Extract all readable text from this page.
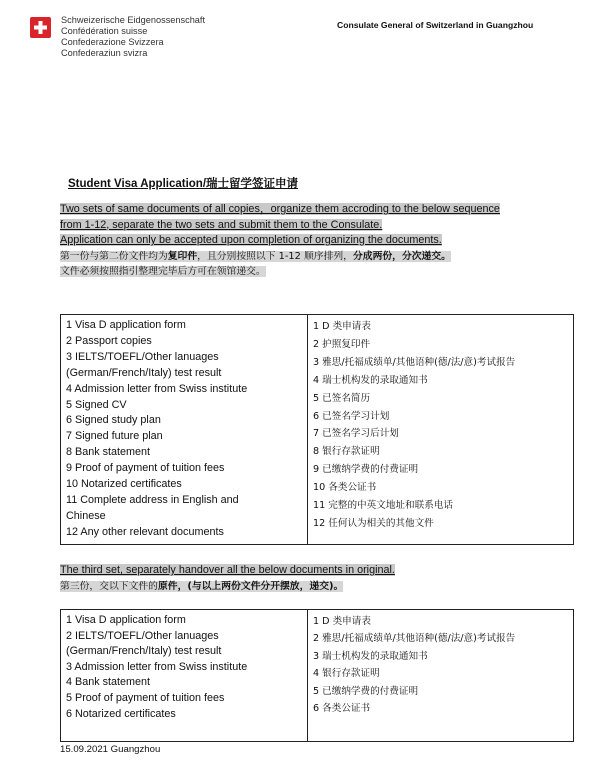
Schweizerische Eidgenossenschaft
Confédération suisse
Confederazione Svizzera
Confederaziun svizra
Consulate General of Switzerland in Guangzhou
Student Visa Application/瑞士留学签证申请
Two sets of same documents of all copies，organize them accroding to the below sequence
from 1-12, separate the two sets and submit them to the Consulate.
Application can only be accepted upon completion of organizing the documents.
第一份与第二份文件均为复印件，且分别按照以下 1-12 顺序排列，分成两份，分次递交。
文件必须按照指引整理完毕后方可在领馆递交。
1 Visa D application form
2 Passport copies
3 IELTS/TOEFL/Other lanuages
(German/French/Italy) test result
4 Admission letter from Swiss institute
5 Signed CV
6 Signed study plan
7 Signed future plan
8 Bank statement
9 Proof of payment of tuition fees
10 Notarized certificates
11 Complete address in English and
Chinese
12 Any other relevant documents

1 D 类申请表
2 护照复印件
3 雅思/托福成绩单/其他语种(德/法/意)考试报告
4 瑞士机构发的录取通知书
5 已签名简历
6 已签名学习计划
7 已签名学习后计划
8 银行存款证明
9 已缴纳学费的付费证明
10 各类公证书
11 完整的中英文地址和联系电话
12 任何认为相关的其他文件
The third set, separately handover all the below documents in original.
第三份，交以下文件的原件，(与以上两份文件分开摆放，递交)。
1 Visa D application form
2 IELTS/TOEFL/Other lanuages
(German/French/Italy) test result
3 Admission letter from Swiss institute
4 Bank statement
5 Proof of payment of tuition fees
6 Notarized certificates

1 D 类申请表
2 雅思/托福成绩单/其他语种(德/法/意)考试报告
3 瑞士机构发的录取通知书
4 银行存款证明
5 已缴纳学费的付费证明
6 各类公证书
15.09.2021 Guangzhou
